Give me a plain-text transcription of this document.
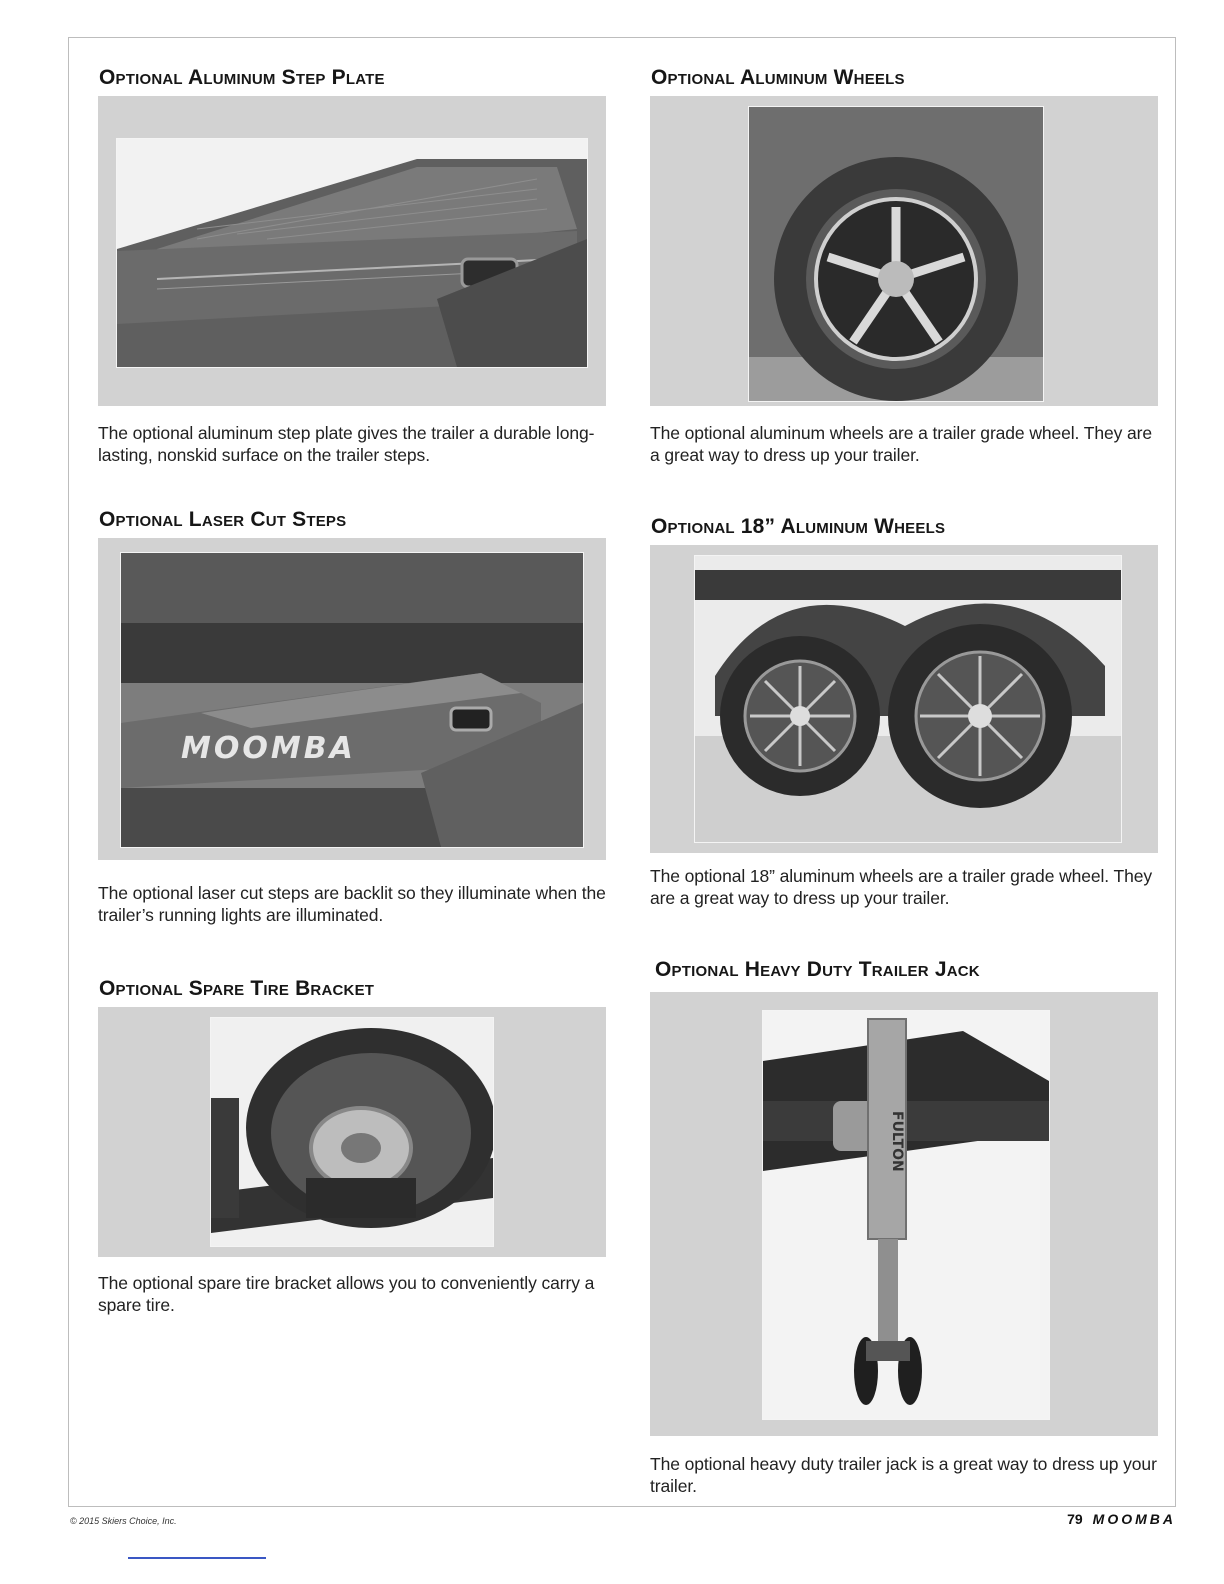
Optional Aluminum Step Plate
The optional aluminum step plate gives the trailer a durable long-lasting, nonskid surface on the trailer steps.
Optional Aluminum Wheels
The optional aluminum wheels are a trailer grade wheel. They are a great way to dress up your trailer.
Optional Laser Cut Steps
MOOMBA
The optional laser cut steps are backlit so they illuminate when the trailer’s running lights are illuminated.
Optional 18” Aluminum Wheels
The optional 18” aluminum wheels are a trailer grade wheel. They are a great way to dress up your trailer.
Optional Spare Tire Bracket
The optional spare tire bracket allows you to conveniently carry a spare tire.
Optional Heavy Duty Trailer Jack
FULTON
The optional heavy duty trailer jack is a great way to dress up your trailer.
© 2015 Skiers Choice, Inc.	79 MOOMBA
